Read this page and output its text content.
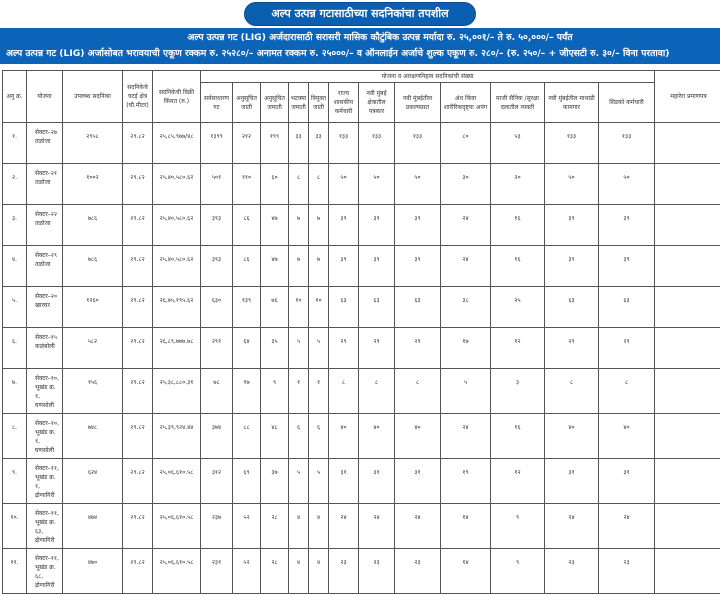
अल्प उत्पन्न गटासाठीच्या सदनिकांचा तपशील
अल्प उत्पन्न गट (LIG) अर्जदारासाठी सरासरी मासिक कौटुंबिक उत्पन्न मर्यादा रु. २५,००१/– ते रु. ५०,०००/– पर्यंत
अल्प उत्पन्न गट (LIG) अर्जासोबत भरावयाची एकूण रक्कम रु. २५२८०/– अनामत रक्कम रु. २५०००/– व ऑनलाईन अर्जाचे शुल्क एकूण रु. २८०/– (रु. २५०/– + जीएसटी रु. ३०/– विना परतावा)
अनु क्र.	योजना	उपलब्ध सदनिका	सदनिकेचे चटई क्षेत्र (चौ.मीटर)	सदनिकेची विक्री किंमत (रु.)	योजना व आरक्षणनिहाय सदनिकांची संख्या												महारेरा प्रमाणपत्र
					सर्वसाधारण गट	अनुसूचित जाती	अनुसूचित जमाती	भटक्या जमाती	विमुक्त जाती	राज्य शासकीय कर्मचारी	नवी मुंबई क्षेत्रातील पत्रकार	नवी मुंबईतील प्रकल्पग्रस्त	अंध किंवा शारीरिकदृष्ट्या अपंग	माजी सैनिक /सुरक्षा दलातील व्यक्ती	नवी मुंबईतील माथाडी कामगार	सिडको कर्मचारी	
१.	सेक्टर–२७ तळोजा	२९५८	२९.८२	२५,८५,९७७/४८	१३९९	२१२	१९९	३३	३३	१३३	१३३	१३३	८०	५३	१३३	१३३	
२.	सेक्टर–२१ तळोजा	१००२	२९.८२	२५,४०,५८०.६२	५०१	११०	६०	८	८	५०	५०	५०	३०	२०	५०	५०	
३.	सेक्टर–२२ तळोजा	७८६	२९.८२	२५,४०,५८०.६२	३९३	८६	४७	७	७	३९	३९	३९	२४	१६	३९	३९	
४.	सेक्टर–२९ तळोजा	७८६	२९.८२	२५,४०,५८०.६२	३९३	८६	४७	७	७	३९	३९	३९	२४	१६	३९	३९	
५.	सेक्टर–२० खारघर	१२६०	२९.८२	२६,७५,१९५.६२	६३०	१३९	७६	१०	१०	६३	६३	६३	३८	२५	६३	६३	
६.	सेक्टर–१५ कळंबोली	५८२	२९.८२	२६,८९,७७७.७८	२९१	६४	३५	५	५	२९	२९	२९	१७	१२	२९	२९	
७.	सेक्टर–१०, भूखंड क्र. १, घणसोली	१५६	२९.८२	२५,३८,८८०.३१	७८	१७	९	१	१	८	८	८	५	३	८	८	
८.	सेक्टर–१०, भूखंड क्र. १, घणसोली	७४८	२९.८२	२५,३९,९२४.४४	३७४	८८	४८	६	६	४०	४०	४०	२४	१६	४०	४०	
९.	सेक्टर–११, भूखंड क्र. १, द्रोणागिरी	६२४	२९.८२	२५,०६,६१०.५८	३१२	६९	३७	५	५	३१	३१	३१	१९	१२	३१	३१	
१०.	सेक्टर–११, भूखंड क्र. ६३, द्रोणागिरी	४७४	२९.८२	२५,०६,६१०.५८	२३७	५२	२८	४	४	२४	२४	२४	१४	९	२४	२४	
११.	सेक्टर–११, भूखंड क्र. ६८, द्रोणागिरी	४७०	२९.८२	२५,०६,६१०.५८	२३१	५२	२८	४	४	२३	२३	२३	१४	९	२३	२३	
